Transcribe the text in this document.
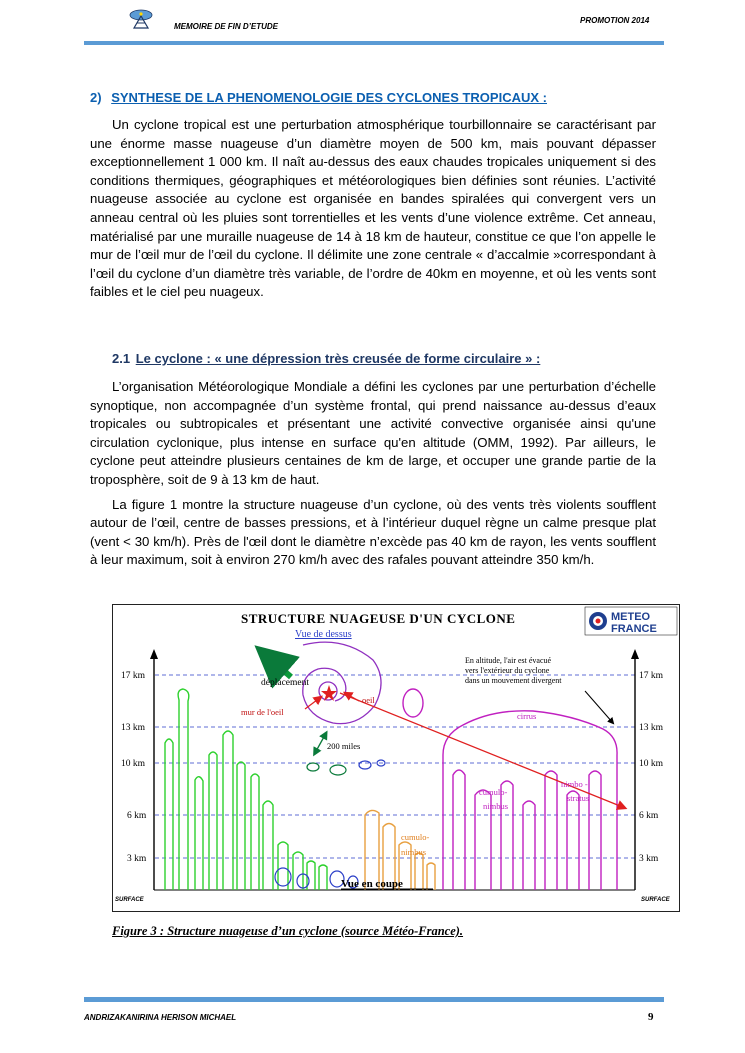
MEMOIRE DE FIN D’ETUDE
PROMOTION 2014
2) SYNTHESE DE LA PHENOMENOLOGIE DES CYCLONES TROPICAUX :

Un cyclone tropical est une perturbation atmosphérique tourbillonnaire se caractérisant par une énorme masse nuageuse d’un diamètre moyen de 500 km, mais pouvant dépasser exceptionnellement 1 000 km. Il naît au-dessus des eaux chaudes tropicales uniquement si des conditions thermiques, géographiques et météorologiques bien définies sont réunies. L’activité nuageuse associée au cyclone est organisée en bandes spiralées qui convergent vers un anneau central où les pluies sont torrentielles et les vents d’une violence extrême. Cet anneau, matérialisé par une muraille nuageuse de 14 à 18 km de hauteur, constitue ce que l’on appelle le mur de l’œil mur de l’œil du cyclone. Il délimite une zone centrale « d’accalmie »correspondant à l’œil du cyclone d’un diamètre très variable, de l’ordre de 40km en moyenne, et où les vents sont faibles et le ciel peu nuageux.

2.1 Le cyclone : « une dépression très creusée de forme circulaire » :

L’organisation Météorologique Mondiale a défini les cyclones par une perturbation d’échelle synoptique, non accompagnée d’un système frontal, qui prend naissance au-dessus d’eaux tropicales ou subtropicales et présentant une activité convective organisée ainsi qu'une circulation cyclonique, plus intense en surface qu'en altitude (OMM, 1992). Par ailleurs, le cyclone peut atteindre plusieurs centaines de km de large, et occuper une grande partie de la troposphère, soit de 9 à 13 km de haut.

La figure 1 montre la structure nuageuse d’un cyclone, où des vents très violents soufflent autour de l’œil, centre de basses pressions, et à l’intérieur duquel règne un calme presque plat (vent < 30 km/h). Près de l'œil dont le diamètre n’excède pas 40 km de rayon, les vents soufflent à leur maximum, soit à environ 270 km/h avec des rafales pouvant atteindre 350 km/h.

STRUCTURE NUAGEUSE D'UN CYCLONE	METEO
FRANCE
17 km
13 km
10 km
6 km
3 km
17 km
13 km
10 km
6 km
3 km
SURFACE	SURFACE
Vue de dessus
déplacement
mur de l'oeil
oeil
200 miles
cirrus
cumulo-
nimbus
cumulo-
nimbus
nimbo -
stratus
En altitude, l'air est évacué
vers l'extérieur du cyclone
dans un mouvement divergent
Vue en coupe
Figure 3 : Structure nuageuse d’un cyclone (source Météo-France).
ANDRIZAKANIRINA HERISON MICHAEL	9
